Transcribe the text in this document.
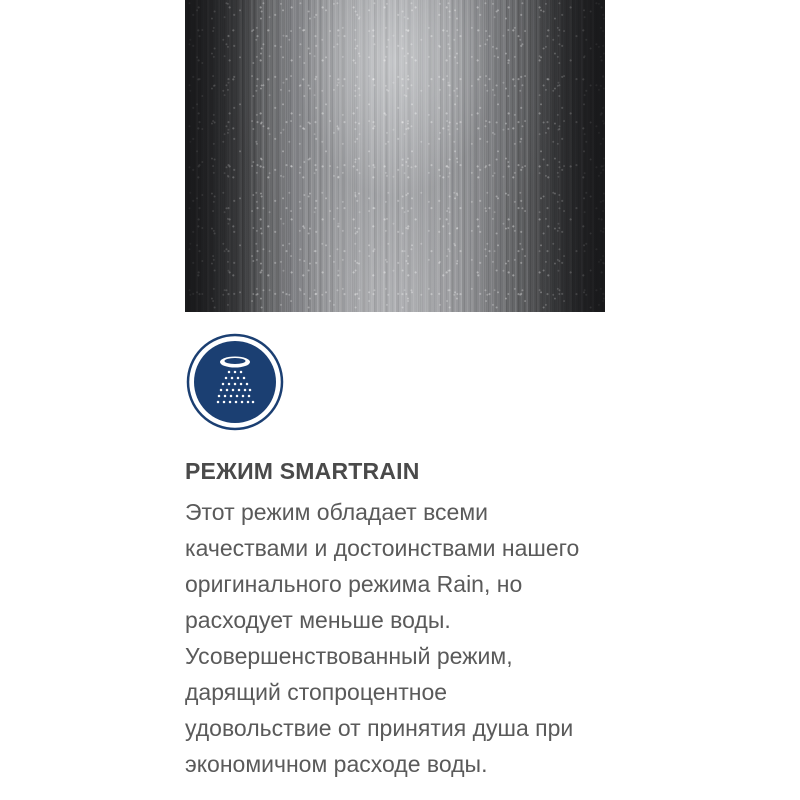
РЕЖИМ SMARTRAIN

Этот режим обладает всеми качествами и достоинствами нашего оригинального режима Rain, но расходует меньше воды. Усовершенствованный режим, дарящий стопроцентное удовольствие от принятия душа при экономичном расходе воды.
